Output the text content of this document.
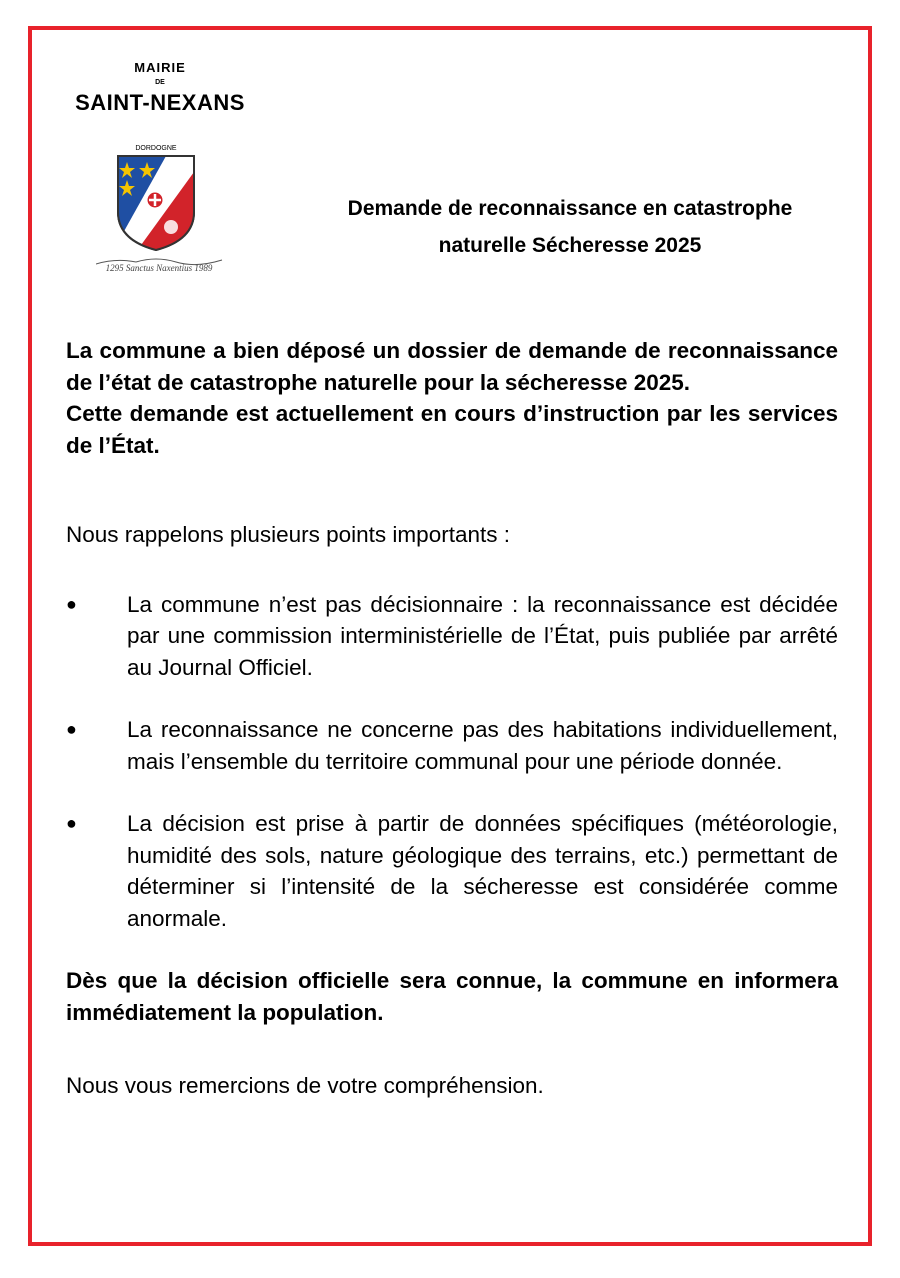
MAIRIE
DE
SAINT-NEXANS
DORDOGNE
1295 Sanctus Naxentius 1989
Demande de reconnaissance en catastrophe
naturelle Sécheresse 2025

La commune a bien déposé un dossier de demande de reconnaissance de l’état de catastrophe naturelle pour la sécheresse 2025.

Cette demande est actuellement en cours d’instruction par les services de l’État.

Nous rappelons plusieurs points importants :

● La commune n’est pas décisionnaire : la reconnaissance est décidée par une commission interministérielle de l’État, puis publiée par arrêté au Journal Officiel.
● La reconnaissance ne concerne pas des habitations individuellement, mais l’ensemble du territoire communal pour une période donnée.
● La décision est prise à partir de données spécifiques (météorologie, humidité des sols, nature géologique des terrains, etc.) permettant de déterminer si l’intensité de la sécheresse est considérée comme anormale.

Dès que la décision officielle sera connue, la commune en informera immédiatement la population.

Nous vous remercions de votre compréhension.
